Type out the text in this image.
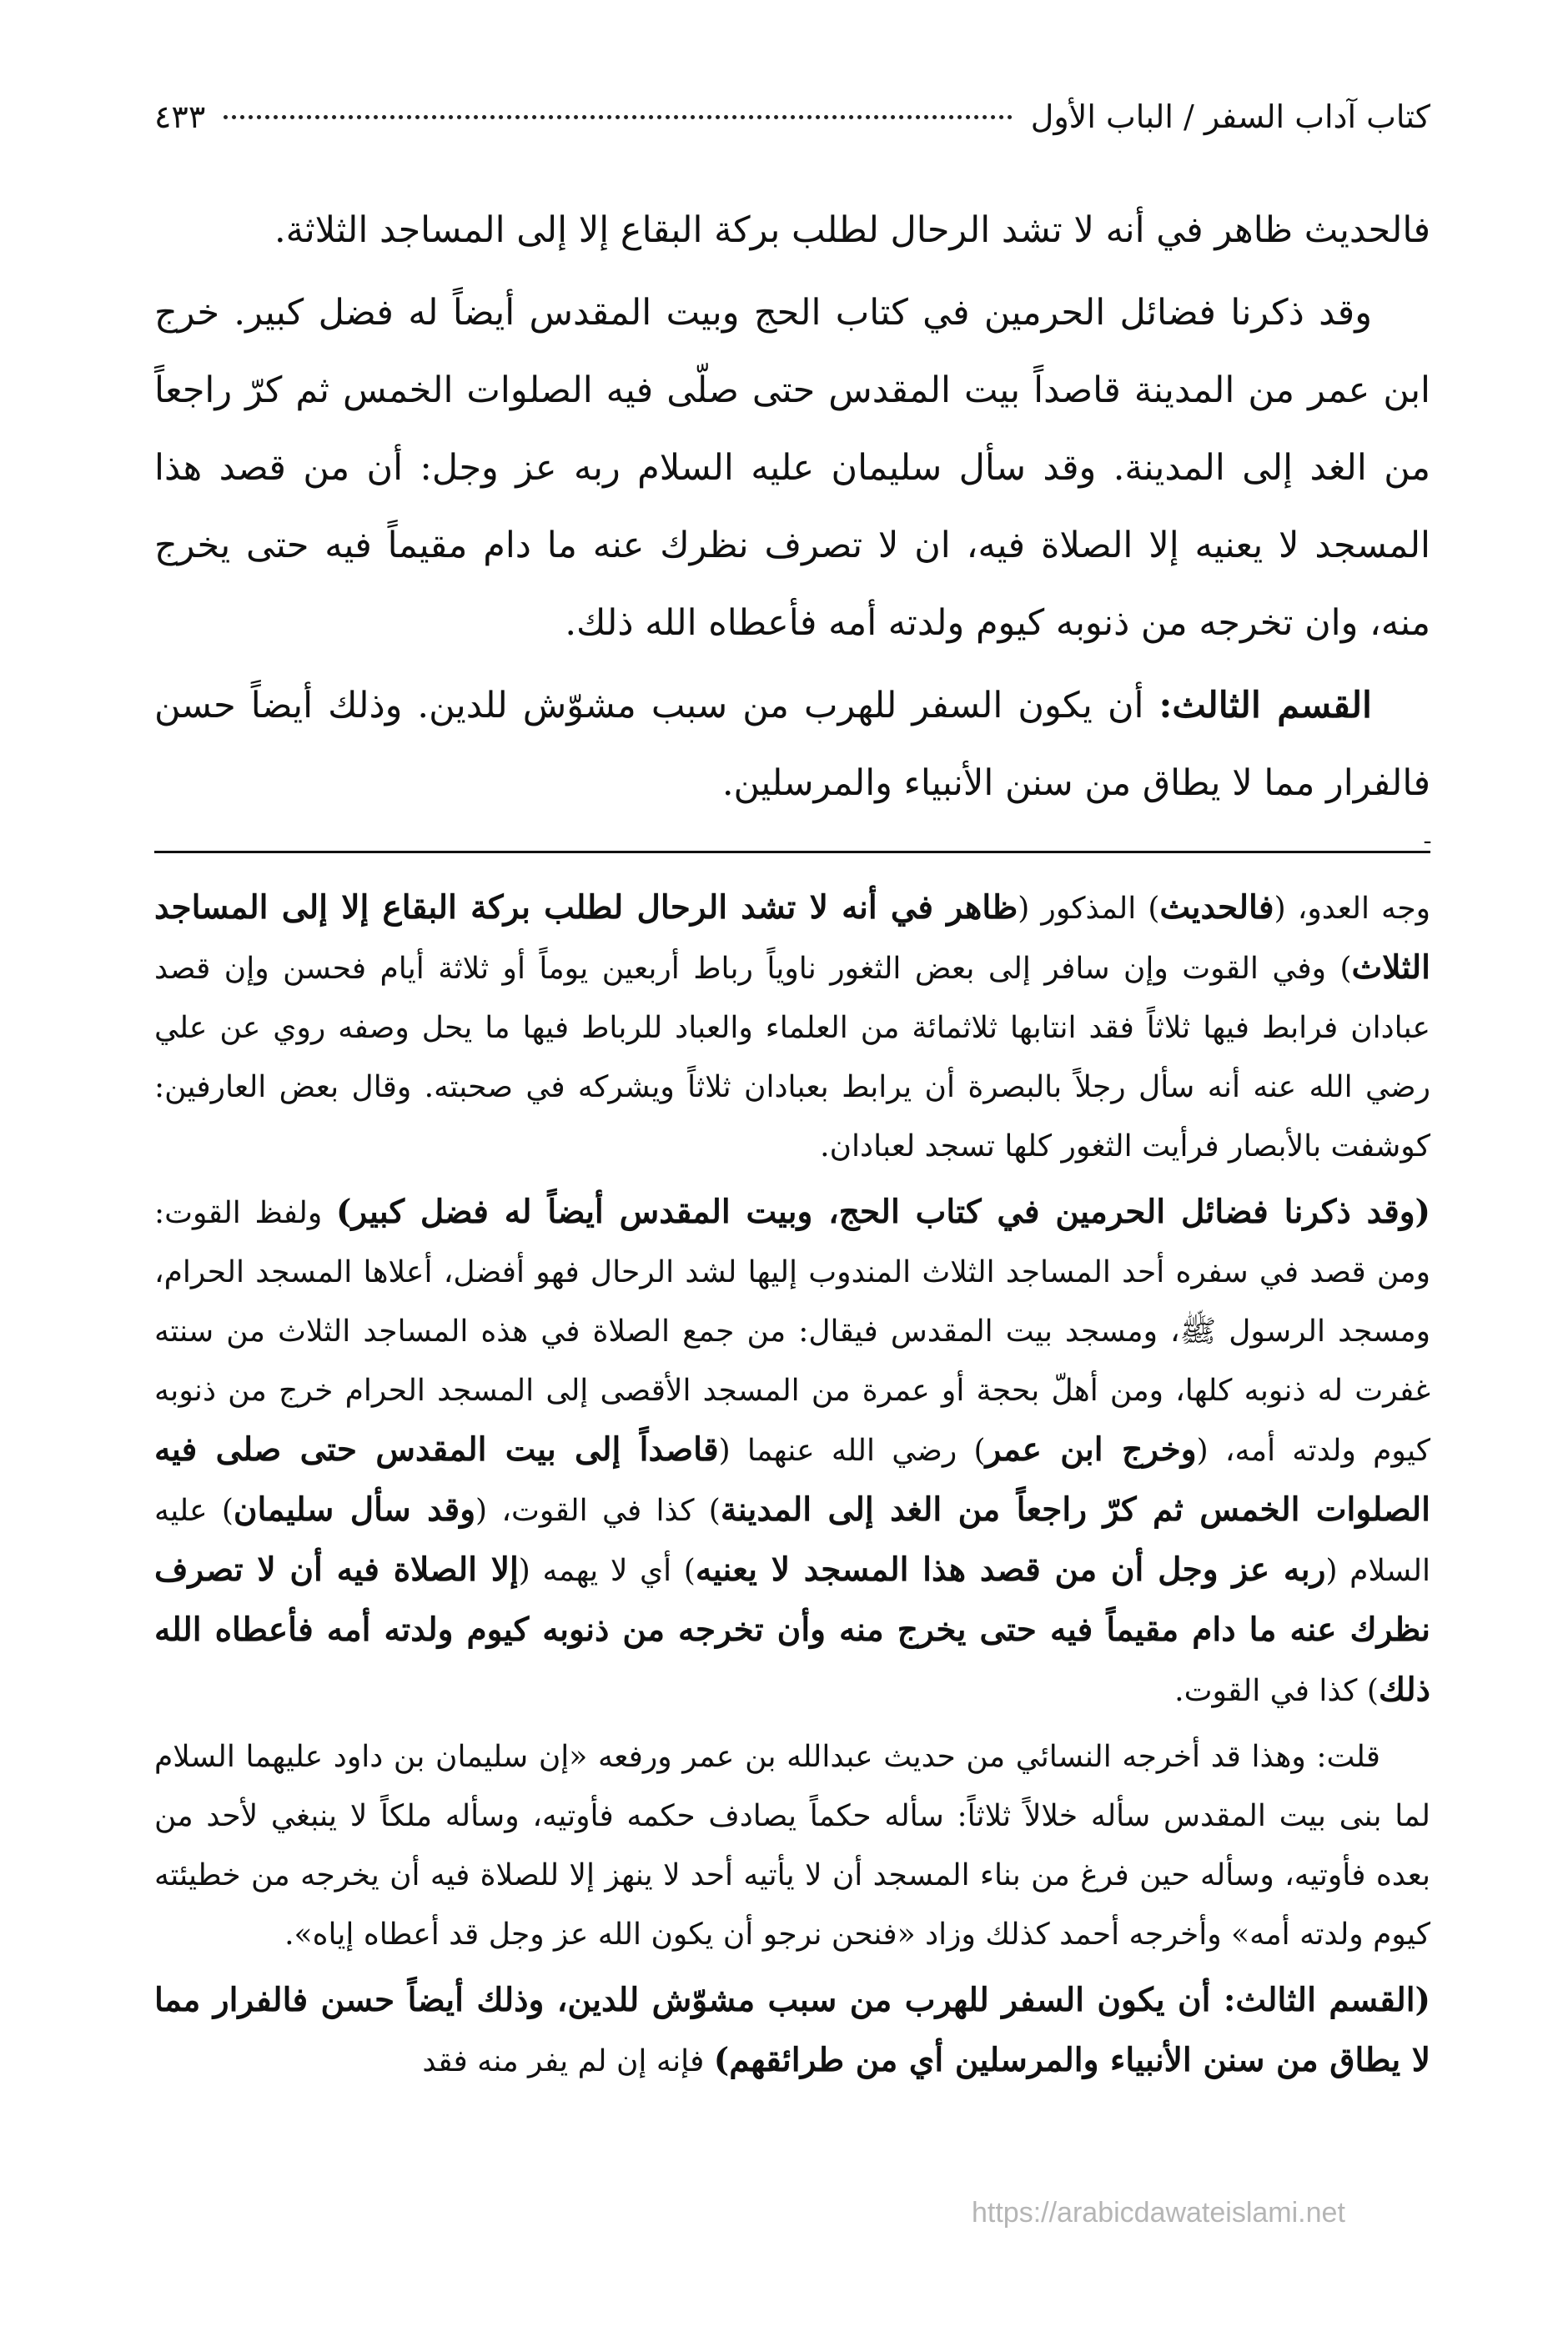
كتاب آداب السفر / الباب الأول
٤٣٣

فالحديث ظاهر في أنه لا تشد الرحال لطلب بركة البقاع إلا إلى المساجد الثلاثة.

وقد ذكرنا فضائل الحرمين في كتاب الحج وبيت المقدس أيضاً له فضل كبير. خرج ابن عمر من المدينة قاصداً بيت المقدس حتى صلّى فيه الصلوات الخمس ثم كرّ راجعاً من الغد إلى المدينة. وقد سأل سليمان عليه السلام ربه عز وجل: أن من قصد هذا المسجد لا يعنيه إلا الصلاة فيه، ان لا تصرف نظرك عنه ما دام مقيماً فيه حتى يخرج منه، وان تخرجه من ذنوبه كيوم ولدته أمه فأعطاه الله ذلك.

القسم الثالث: أن يكون السفر للهرب من سبب مشوّش للدين. وذلك أيضاً حسن فالفرار مما لا يطاق من سنن الأنبياء والمرسلين.

ـ

وجه العدو، (فالحديث) المذكور (ظاهر في أنه لا تشد الرحال لطلب بركة البقاع إلا إلى المساجد الثلاث) وفي القوت وإن سافر إلى بعض الثغور ناوياً رباط أربعين يوماً أو ثلاثة أيام فحسن وإن قصد عبادان فرابط فيها ثلاثاً فقد انتابها ثلاثمائة من العلماء والعباد للرباط فيها ما يحل وصفه روي عن علي رضي الله عنه أنه سأل رجلاً بالبصرة أن يرابط بعبادان ثلاثاً ويشركه في صحبته. وقال بعض العارفين: كوشفت بالأبصار فرأيت الثغور كلها تسجد لعبادان.

(وقد ذكرنا فضائل الحرمين في كتاب الحج، وبيت المقدس أيضاً له فضل كبير) ولفظ القوت: ومن قصد في سفره أحد المساجد الثلاث المندوب إليها لشد الرحال فهو أفضل، أعلاها المسجد الحرام، ومسجد الرسول ﷺ، ومسجد بيت المقدس فيقال: من جمع الصلاة في هذه المساجد الثلاث من سنته غفرت له ذنوبه كلها، ومن أهلّ بحجة أو عمرة من المسجد الأقصى إلى المسجد الحرام خرج من ذنوبه كيوم ولدته أمه، (وخرج ابن عمر) رضي الله عنهما (قاصداً إلى بيت المقدس حتى صلى فيه الصلوات الخمس ثم كرّ راجعاً من الغد إلى المدينة) كذا في القوت، (وقد سأل سليمان) عليه السلام (ربه عز وجل أن من قصد هذا المسجد لا يعنيه) أي لا يهمه (إلا الصلاة فيه أن لا تصرف نظرك عنه ما دام مقيماً فيه حتى يخرج منه وأن تخرجه من ذنوبه كيوم ولدته أمه فأعطاه الله ذلك) كذا في القوت.

قلت: وهذا قد أخرجه النسائي من حديث عبدالله بن عمر ورفعه «إن سليمان بن داود عليهما السلام لما بنى بيت المقدس سأله خلالاً ثلاثاً: سأله حكماً يصادف حكمه فأوتيه، وسأله ملكاً لا ينبغي لأحد من بعده فأوتيه، وسأله حين فرغ من بناء المسجد أن لا يأتيه أحد لا ينهز إلا للصلاة فيه أن يخرجه من خطيئته كيوم ولدته أمه» وأخرجه أحمد كذلك وزاد «فنحن نرجو أن يكون الله عز وجل قد أعطاه إياه».

(القسم الثالث: أن يكون السفر للهرب من سبب مشوّش للدين، وذلك أيضاً حسن فالفرار مما لا يطاق من سنن الأنبياء والمرسلين أي من طرائقهم) فإنه إن لم يفر منه فقد

https://arabicdawateislami.net
